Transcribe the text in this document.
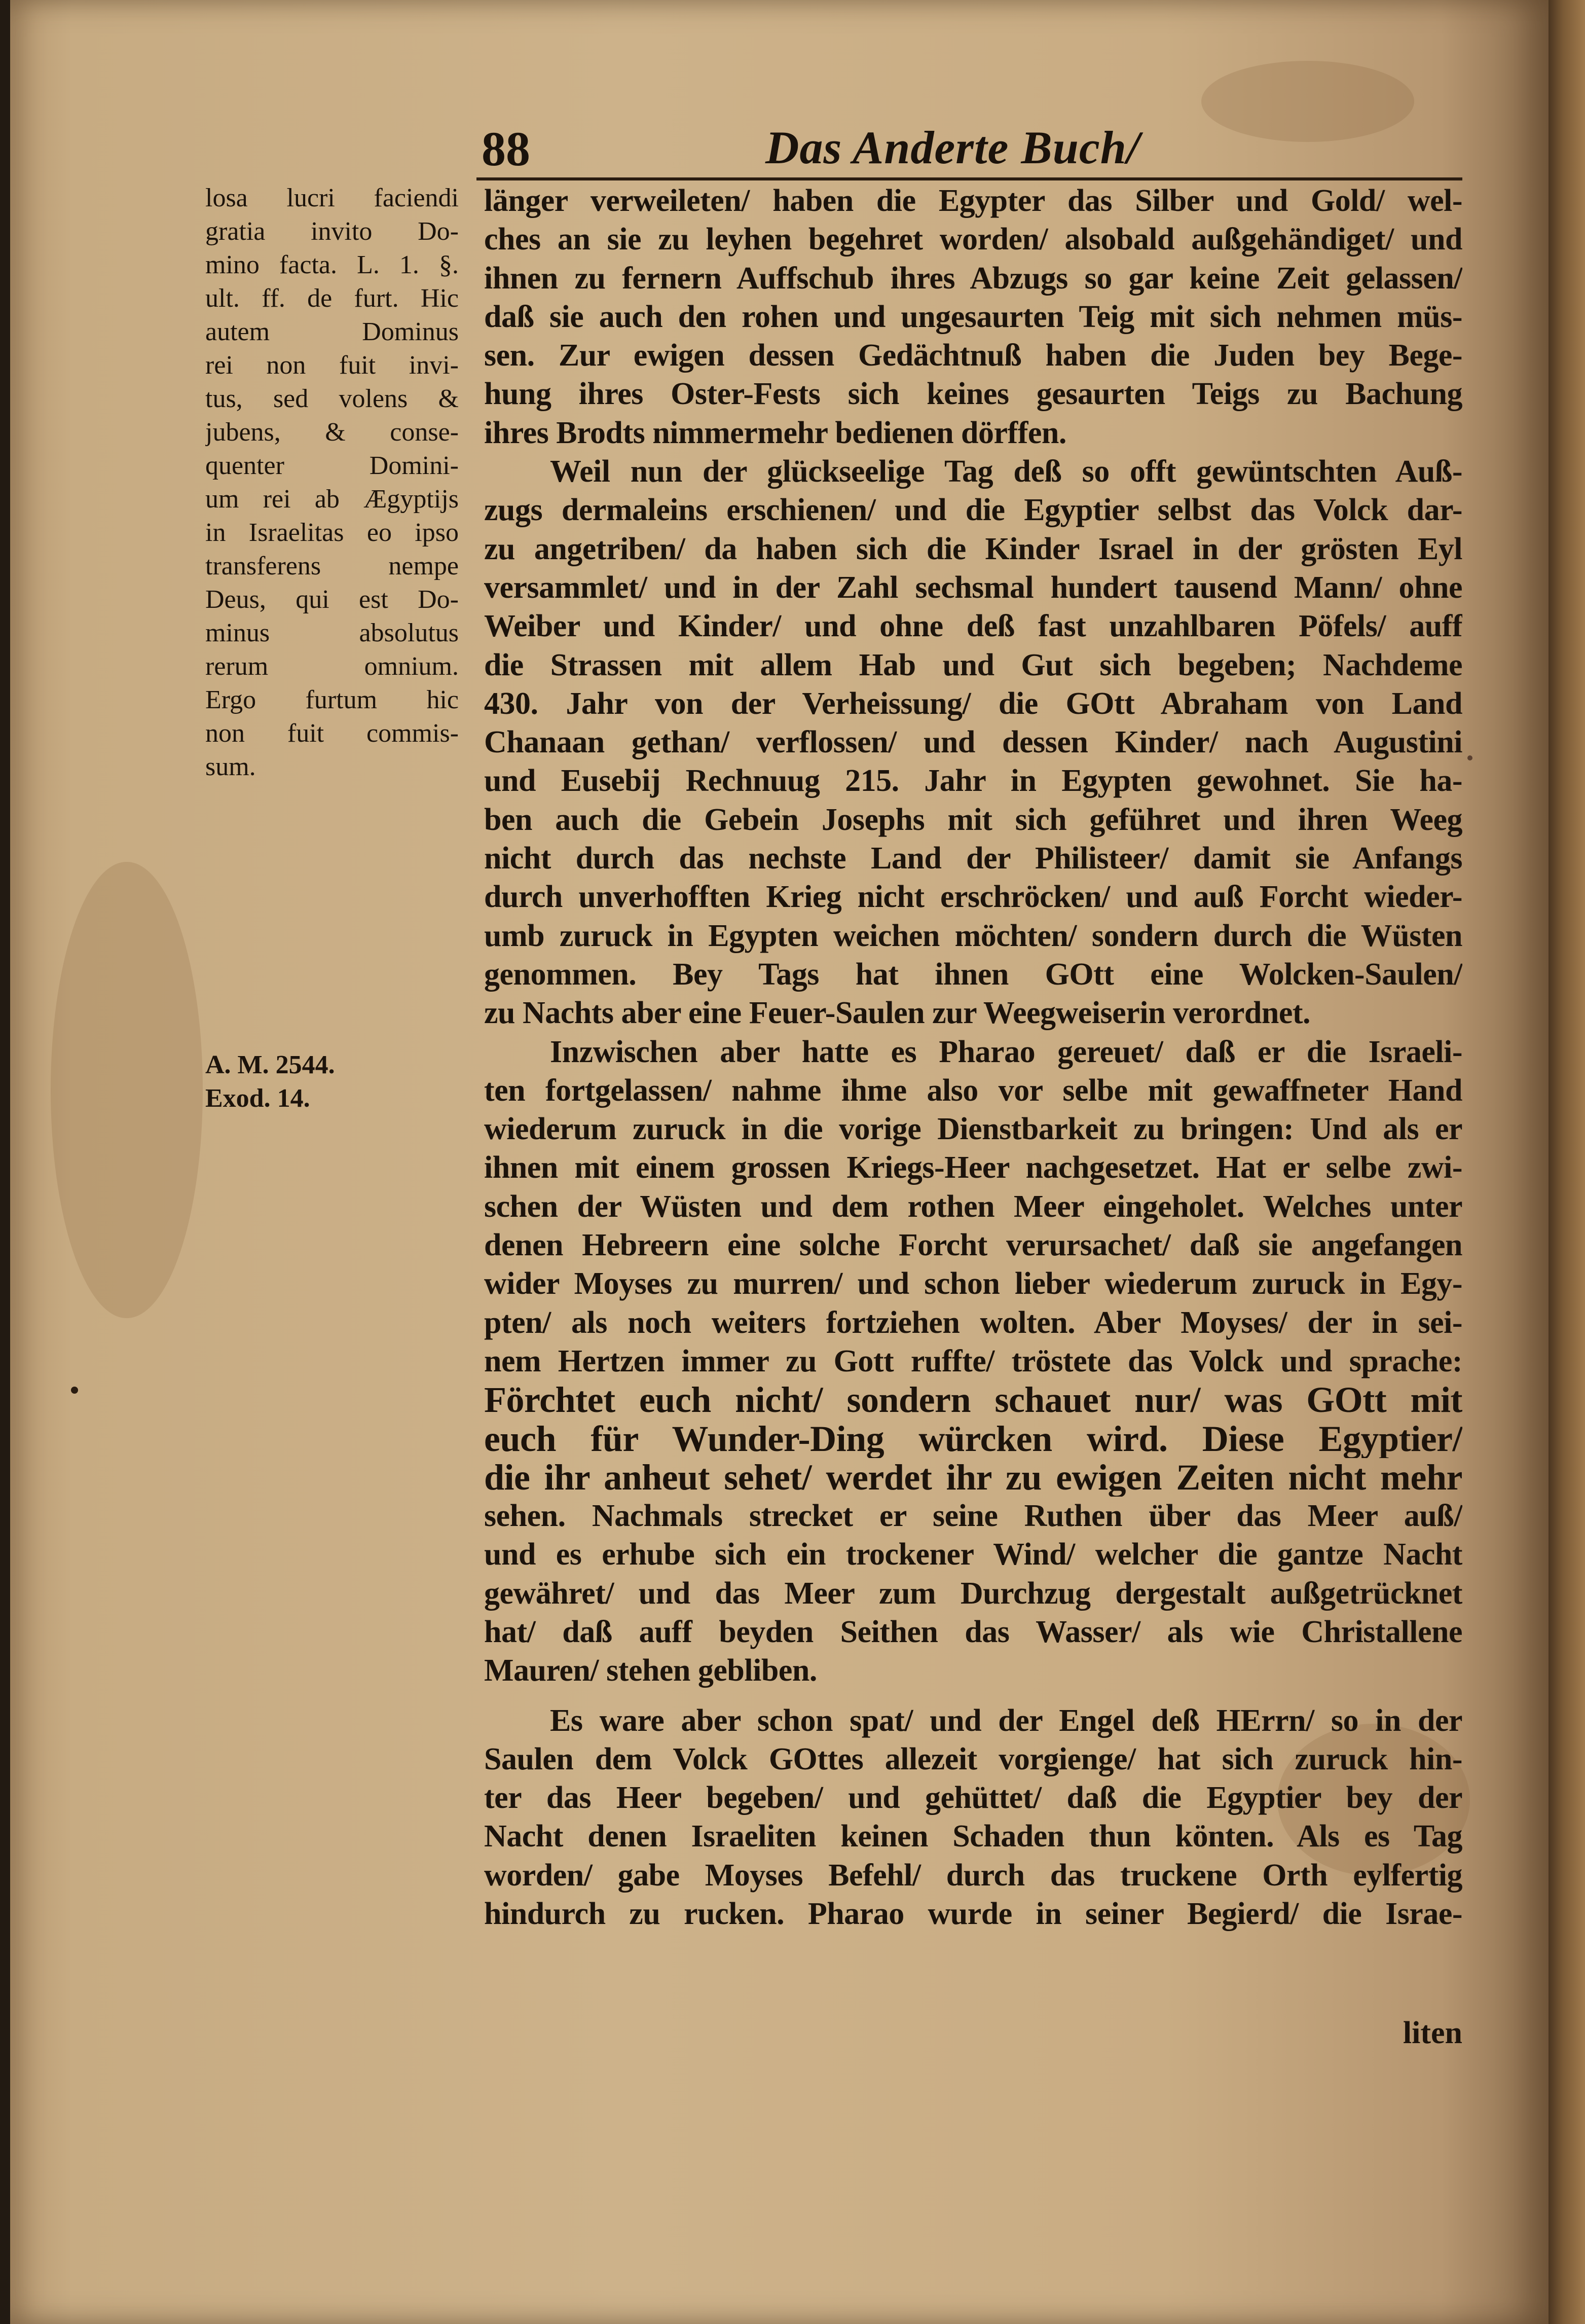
88	Das Anderte Buch/
losa lucri faciendi
gratia invito Do-
mino facta. L. 1. §.
ult. ff. de furt. Hic
autem Dominus
rei non fuit invi-
tus, sed volens &
jubens, & conse-
quenter Domini-
um rei ab Ægyptijs
in Israelitas eo ipso
transferens nempe
Deus, qui est Do-
minus absolutus
rerum omnium.
Ergo furtum hic
non fuit commis-
sum.
A. M. 2544.
Exod. 14.
länger verweileten/ haben die Egypter das Silber und Gold/ wel-
ches an sie zu leyhen begehret worden/ alsobald außgehändiget/ und
ihnen zu fernern Auffschub ihres Abzugs so gar keine Zeit gelassen/
daß sie auch den rohen und ungesaurten Teig mit sich nehmen müs-
sen. Zur ewigen dessen Gedächtnuß haben die Juden bey Bege-
hung ihres Oster-Fests sich keines gesaurten Teigs zu Bachung
ihres Brodts nimmermehr bedienen dörffen.
Weil nun der glückseelige Tag deß so offt gewüntschten Auß-
zugs dermaleins erschienen/ und die Egyptier selbst das Volck dar-
zu angetriben/ da haben sich die Kinder Israel in der grösten Eyl
versammlet/ und in der Zahl sechsmal hundert tausend Mann/ ohne
Weiber und Kinder/ und ohne deß fast unzahlbaren Pöfels/ auff
die Strassen mit allem Hab und Gut sich begeben; Nachdeme
430. Jahr von der Verheissung/ die GOtt Abraham von Land
Chanaan gethan/ verflossen/ und dessen Kinder/ nach Augustini
und Eusebij Rechnuug 215. Jahr in Egypten gewohnet. Sie ha-
ben auch die Gebein Josephs mit sich geführet und ihren Weeg
nicht durch das nechste Land der Philisteer/ damit sie Anfangs
durch unverhofften Krieg nicht erschröcken/ und auß Forcht wieder-
umb zuruck in Egypten weichen möchten/ sondern durch die Wüsten
genommen. Bey Tags hat ihnen GOtt eine Wolcken-Saulen/
zu Nachts aber eine Feuer-Saulen zur Weegweiserin verordnet.
Inzwischen aber hatte es Pharao gereuet/ daß er die Israeli-
ten fortgelassen/ nahme ihme also vor selbe mit gewaffneter Hand
wiederum zuruck in die vorige Dienstbarkeit zu bringen: Und als er
ihnen mit einem grossen Kriegs-Heer nachgesetzet. Hat er selbe zwi-
schen der Wüsten und dem rothen Meer eingeholet. Welches unter
denen Hebreern eine solche Forcht verursachet/ daß sie angefangen
wider Moyses zu murren/ und schon lieber wiederum zuruck in Egy-
pten/ als noch weiters fortziehen wolten. Aber Moyses/ der in sei-
nem Hertzen immer zu Gott ruffte/ tröstete das Volck und sprache:
Förchtet euch nicht/ sondern schauet nur/ was GOtt mit
euch für Wunder-Ding würcken wird. Diese Egyptier/
die ihr anheut sehet/ werdet ihr zu ewigen Zeiten nicht mehr
sehen. Nachmals strecket er seine Ruthen über das Meer auß/
und es erhube sich ein trockener Wind/ welcher die gantze Nacht
gewähret/ und das Meer zum Durchzug dergestalt außgetrücknet
hat/ daß auff beyden Seithen das Wasser/ als wie Christallene
Mauren/ stehen gebliben.
Es ware aber schon spat/ und der Engel deß HErrn/ so in der
Saulen dem Volck GOttes allezeit vorgienge/ hat sich zuruck hin-
ter das Heer begeben/ und gehüttet/ daß die Egyptier bey der
Nacht denen Israeliten keinen Schaden thun könten. Als es Tag
worden/ gabe Moyses Befehl/ durch das truckene Orth eylfertig
hindurch zu rucken. Pharao wurde in seiner Begierd/ die Israe-
liten
